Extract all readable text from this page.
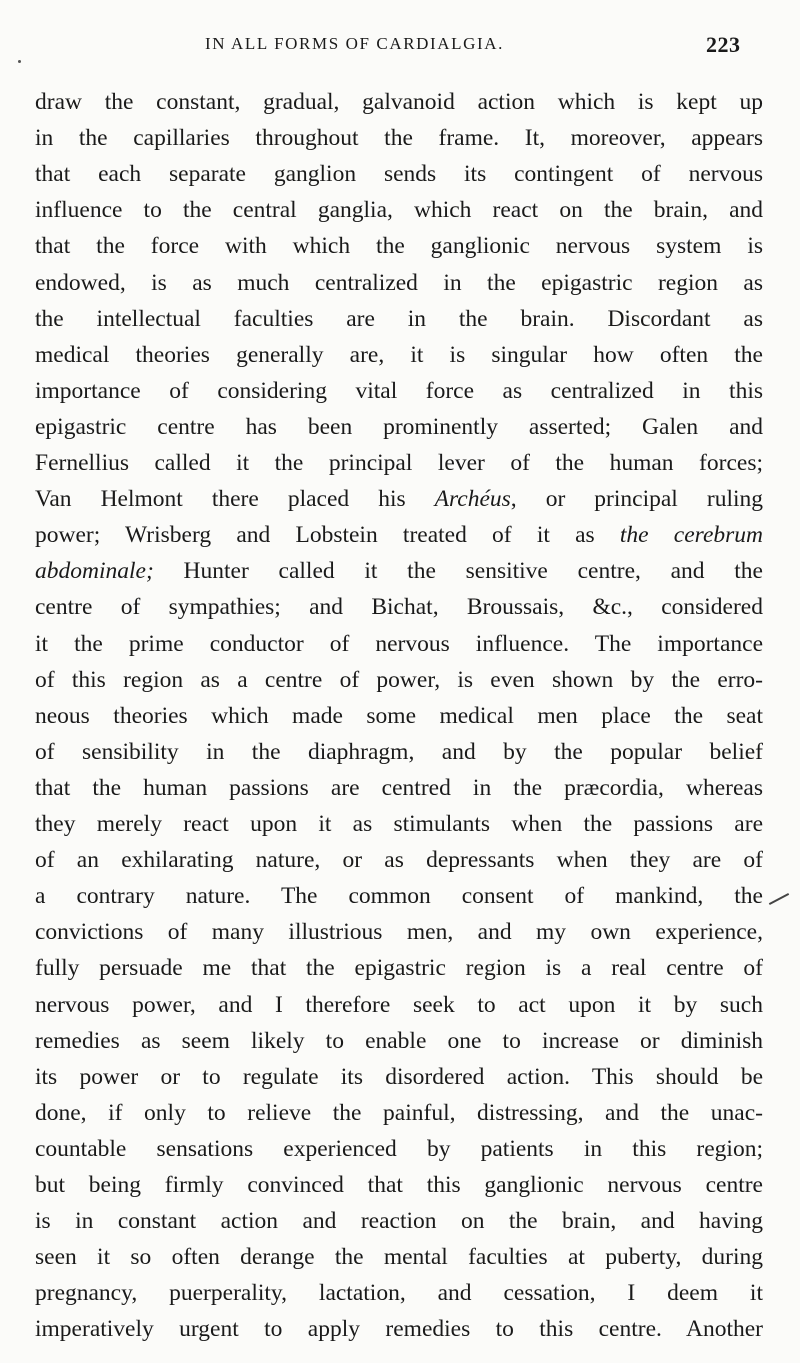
IN ALL FORMS OF CARDIALGIA.	223
draw the constant, gradual, galvanoid action which is kept up
in the capillaries throughout the frame. It, moreover, appears
that each separate ganglion sends its contingent of nervous
influence to the central ganglia, which react on the brain, and
that the force with which the ganglionic nervous system is
endowed, is as much centralized in the epigastric region as
the intellectual faculties are in the brain. Discordant as
medical theories generally are, it is singular how often the
importance of considering vital force as centralized in this
epigastric centre has been prominently asserted; Galen and
Fernellius called it the principal lever of the human forces;
Van Helmont there placed his Archéus, or principal ruling
power; Wrisberg and Lobstein treated of it as the cerebrum
abdominale; Hunter called it the sensitive centre, and the
centre of sympathies; and Bichat, Broussais, &c., considered
it the prime conductor of nervous influence. The importance
of this region as a centre of power, is even shown by the erro-
neous theories which made some medical men place the seat
of sensibility in the diaphragm, and by the popular belief
that the human passions are centred in the præcordia, whereas
they merely react upon it as stimulants when the passions are
of an exhilarating nature, or as depressants when they are of
a contrary nature. The common consent of mankind, the
convictions of many illustrious men, and my own experience,
fully persuade me that the epigastric region is a real centre of
nervous power, and I therefore seek to act upon it by such
remedies as seem likely to enable one to increase or diminish
its power or to regulate its disordered action. This should be
done, if only to relieve the painful, distressing, and the unac-
countable sensations experienced by patients in this region;
but being firmly convinced that this ganglionic nervous centre
is in constant action and reaction on the brain, and having
seen it so often derange the mental faculties at puberty, during
pregnancy, puerperality, lactation, and cessation, I deem it
imperatively urgent to apply remedies to this centre. Another
